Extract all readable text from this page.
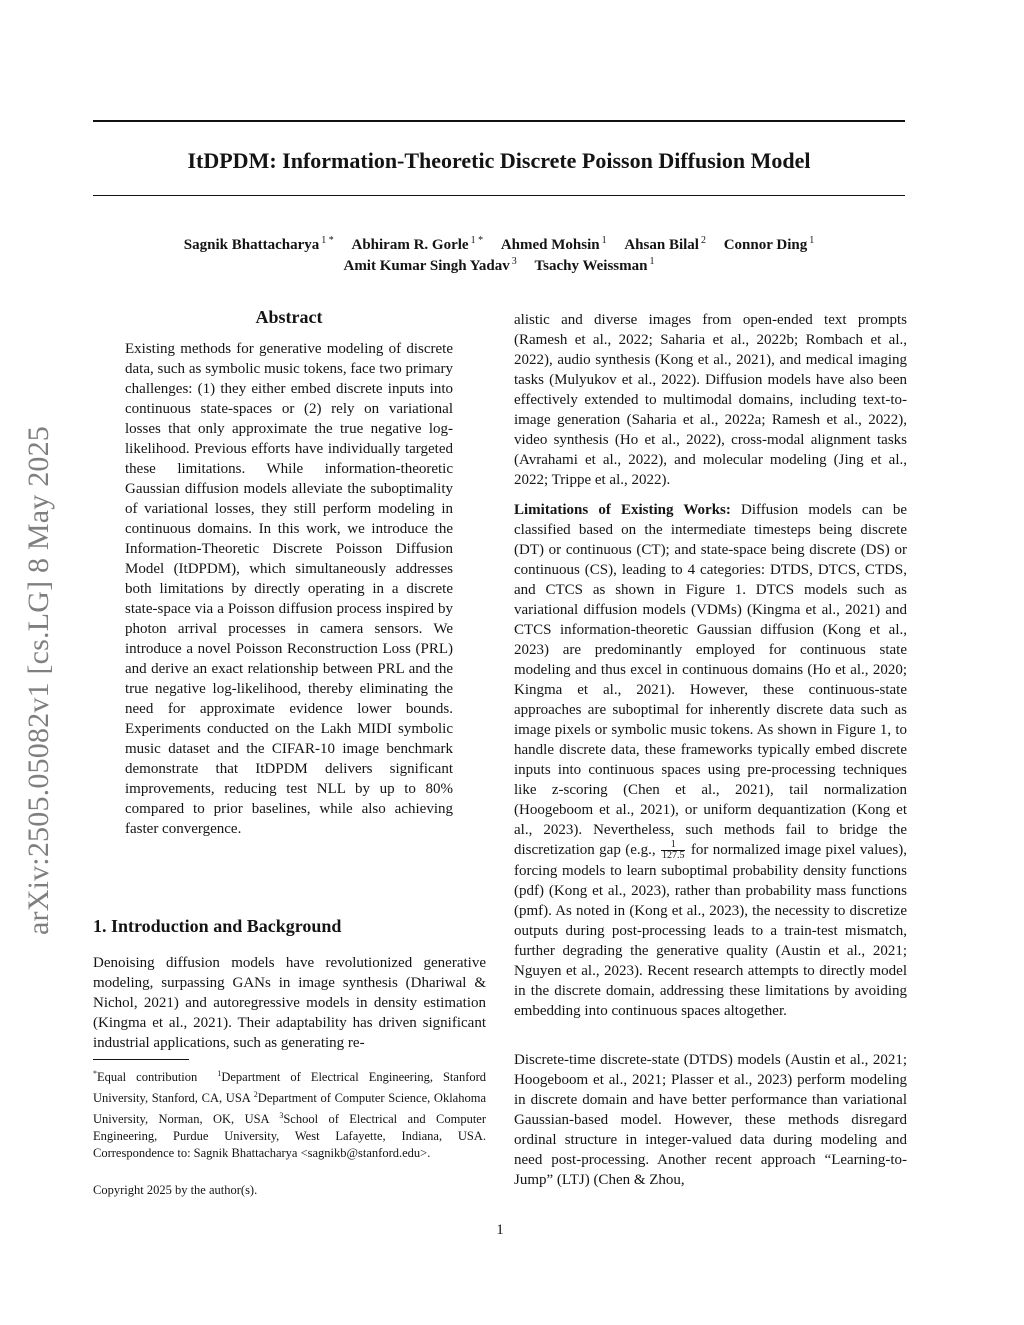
ItDPDM: Information-Theoretic Discrete Poisson Diffusion Model
Sagnik Bhattacharya $^{1 *}$ Abhiram R. Gorle $^{1 *}$ Ahmed Mohsin $^1$ Ahsan Bilal $^2$ Connor Ding $^1$
Amit Kumar Singh Yadav $^3$ Tsachy Weissman $^1$
arXiv:2505.05082v1 [cs.LG] 8 May 2025
Abstract

Existing methods for generative modeling of discrete data, such as symbolic music tokens, face two primary challenges: (1) they either embed discrete inputs into continuous state-spaces or (2) rely on variational losses that only approximate the true negative log-likelihood. Previous efforts have individually targeted these limitations. While information-theoretic Gaussian diffusion models alleviate the suboptimality of variational losses, they still perform modeling in continuous domains. In this work, we introduce the Information-Theoretic Discrete Poisson Diffusion Model (ItDPDM), which simultaneously addresses both limitations by directly operating in a discrete state-space via a Poisson diffusion process inspired by photon arrival processes in camera sensors. We introduce a novel Poisson Reconstruction Loss (PRL) and derive an exact relationship between PRL and the true negative log-likelihood, thereby eliminating the need for approximate evidence lower bounds. Experiments conducted on the Lakh MIDI symbolic music dataset and the CIFAR-10 image benchmark demonstrate that ItDPDM delivers significant improvements, reducing test NLL by up to 80% compared to prior baselines, while also achieving faster convergence.

1. Introduction and Background

Denoising diffusion models have revolutionized generative modeling, surpassing GANs in image synthesis (Dhariwal & Nichol, 2021) and autoregressive models in density estimation (Kingma et al., 2021). Their adaptability has driven significant industrial applications, such as generating re-

*Equal contribution	$^1$Department of Electrical Engineering, Stanford University, Stanford, CA, USA $^2$Department of Computer Science, Oklahoma University, Norman, OK, USA $^3$School of Electrical and Computer Engineering, Purdue University, West Lafayette, Indiana, USA. Correspondence to: Sagnik Bhattacharya <sagnikb@stanford.edu>.

Copyright 2025 by the author(s).

alistic and diverse images from open-ended text prompts (Ramesh et al., 2022; Saharia et al., 2022b; Rombach et al., 2022), audio synthesis (Kong et al., 2021), and medical imaging tasks (Mulyukov et al., 2022). Diffusion models have also been effectively extended to multimodal domains, including text-to-image generation (Saharia et al., 2022a; Ramesh et al., 2022), video synthesis (Ho et al., 2022), cross-modal alignment tasks (Avrahami et al., 2022), and molecular modeling (Jing et al., 2022; Trippe et al., 2022).

Limitations of Existing Works: Diffusion models can be classified based on the intermediate timesteps being discrete (DT) or continuous (CT); and state-space being discrete (DS) or continuous (CS), leading to 4 categories: DTDS, DTCS, CTDS, and CTCS as shown in Figure 1. DTCS models such as variational diffusion models (VDMs) (Kingma et al., 2021) and CTCS information-theoretic Gaussian diffusion (Kong et al., 2023) are predominantly employed for continuous state modeling and thus excel in continuous domains (Ho et al., 2020; Kingma et al., 2021). However, these continuous-state approaches are suboptimal for inherently discrete data such as image pixels or symbolic music tokens. As shown in Figure 1, to handle discrete data, these frameworks typically embed discrete inputs into continuous spaces using pre-processing techniques like z-scoring (Chen et al., 2021), tail normalization (Hoogeboom et al., 2021), or uniform dequantization (Kong et al., 2023). Nevertheless, such methods fail to bridge the discretization gap (e.g., $\frac{1}{127.5}$ for normalized image pixel values), forcing models to learn suboptimal probability density functions (pdf) (Kong et al., 2023), rather than probability mass functions (pmf). As noted in (Kong et al., 2023), the necessity to discretize outputs during post-processing leads to a train-test mismatch, further degrading the generative quality (Austin et al., 2021; Nguyen et al., 2023). Recent research attempts to directly model in the discrete domain, addressing these limitations by avoiding embedding into continuous spaces altogether.

Discrete-time discrete-state (DTDS) models (Austin et al., 2021; Hoogeboom et al., 2021; Plasser et al., 2023) perform modeling in discrete domain and have better performance than variational Gaussian-based model. However, these methods disregard ordinal structure in integer-valued data during modeling and need post-processing. Another recent approach “Learning-to-Jump” (LTJ) (Chen & Zhou,

1
